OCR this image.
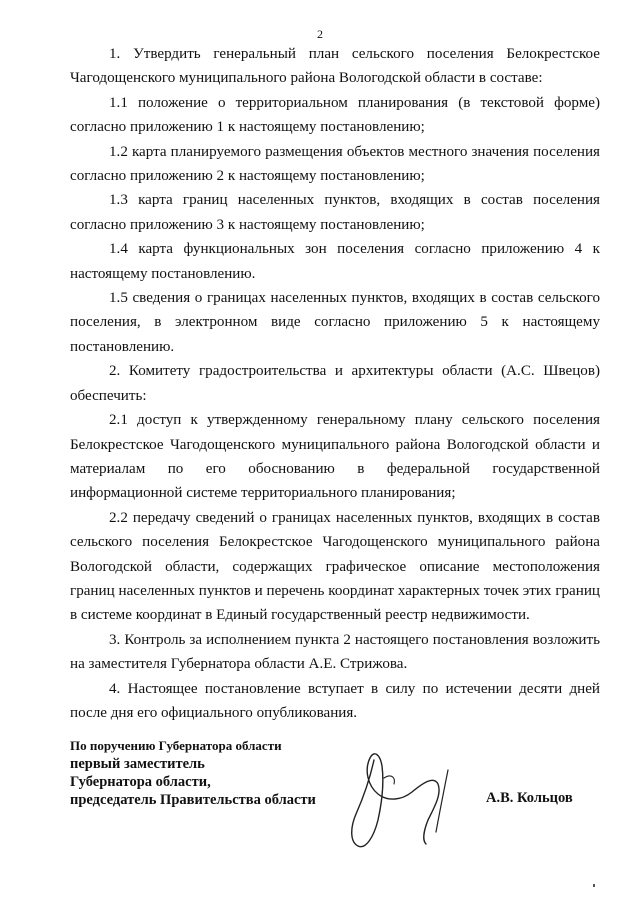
2

1. Утвердить генеральный план сельского поселения Белокрестское Чагодощенского муниципального района Вологодской области в составе:

1.1 положение о территориальном планирования (в текстовой форме) согласно приложению 1 к настоящему постановлению;

1.2 карта планируемого размещения объектов местного значения поселения согласно приложению 2 к настоящему постановлению;

1.3 карта границ населенных пунктов, входящих в состав поселения согласно приложению 3 к настоящему постановлению;

1.4 карта функциональных зон поселения согласно приложению 4 к настоящему постановлению.

1.5 сведения о границах населенных пунктов, входящих в состав сельского поселения, в электронном виде согласно приложению 5 к настоящему постановлению.

2. Комитету градостроительства и архитектуры области (А.С. Швецов) обеспечить:

2.1 доступ к утвержденному генеральному плану сельского поселения Белокрестское Чагодощенского муниципального района Вологодской области и материалам по его обоснованию в федеральной государственной информационной системе территориального планирования;

2.2 передачу сведений о границах населенных пунктов, входящих в состав сельского поселения Белокрестское Чагодощенского муниципального района Вологодской области, содержащих графическое описание местоположения границ населенных пунктов и перечень координат характерных точек этих границ в системе координат в Единый государственный реестр недвижимости.

3. Контроль за исполнением пункта 2 настоящего постановления возложить на заместителя Губернатора области А.Е. Стрижова.

4. Настоящее постановление вступает в силу по истечении десяти дней после дня его официального опубликования.

По поручению Губернатора области
первый заместитель
Губернатора области,
председатель Правительства области	А.В. Кольцов
